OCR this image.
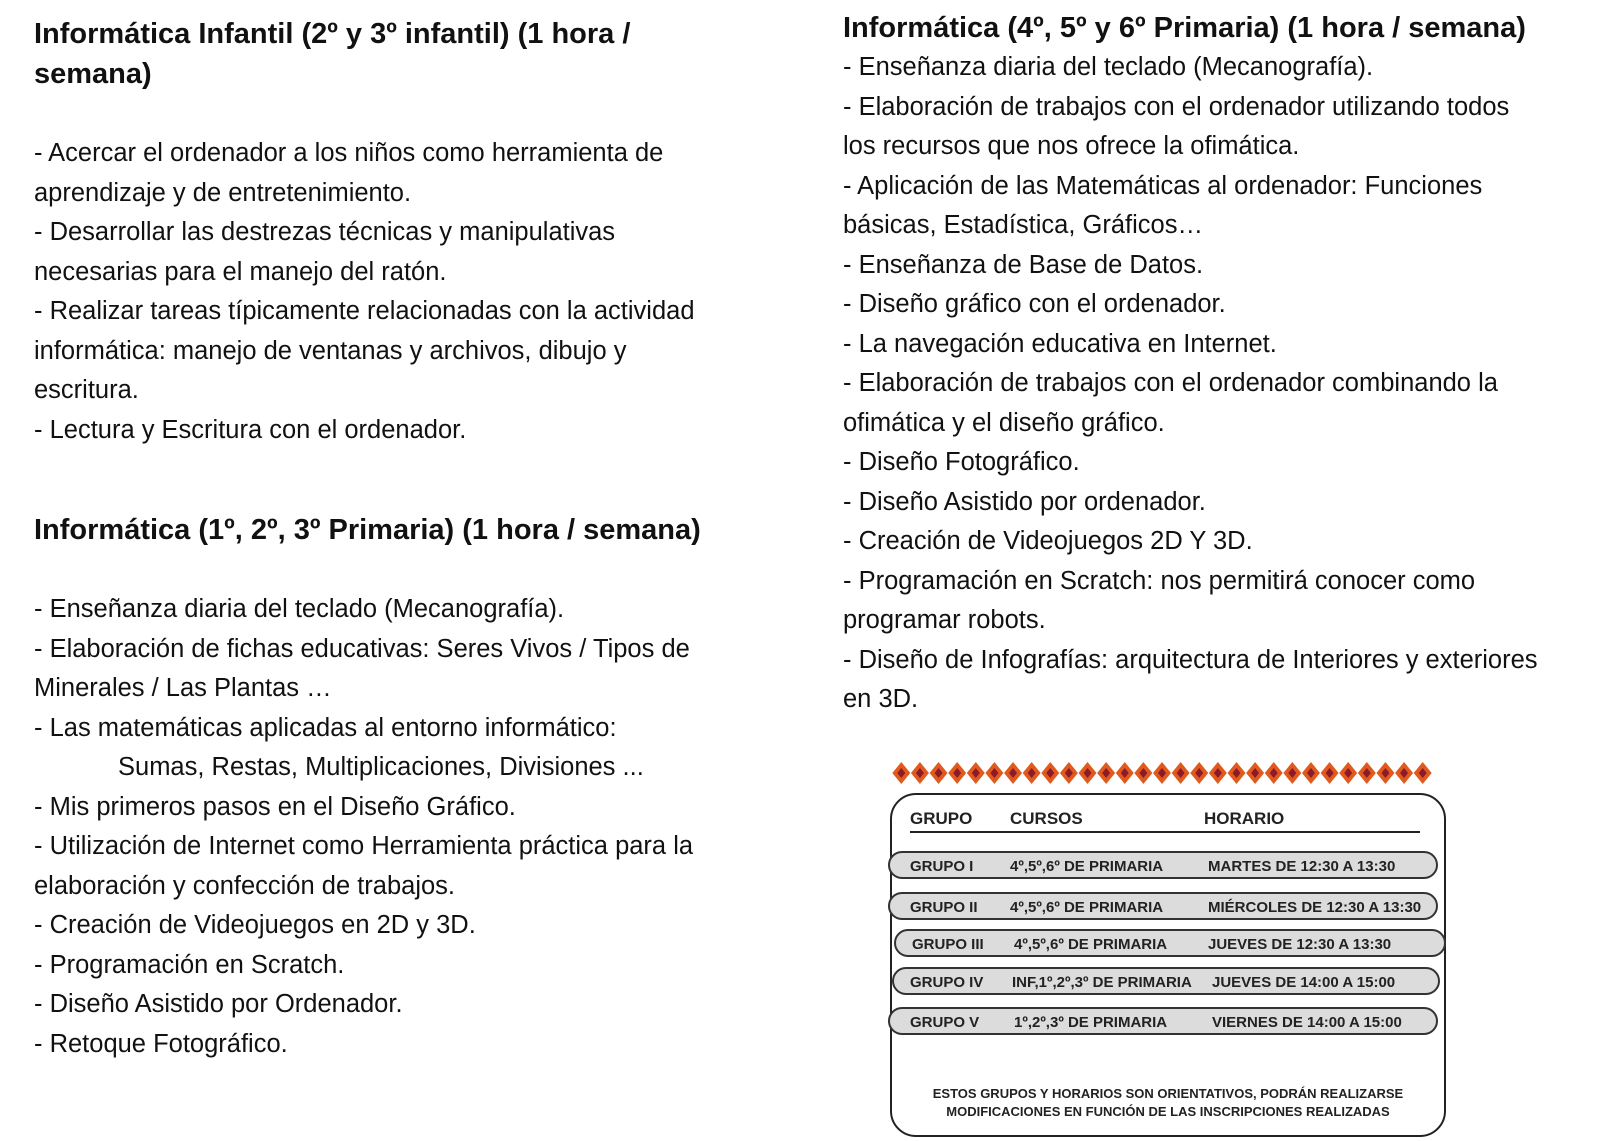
Informática Infantil (2º y 3º infantil) (1 hora /
semana)
- Acercar el ordenador a los niños como herramienta de
aprendizaje y de entretenimiento.
- Desarrollar las destrezas técnicas y manipulativas
necesarias para el manejo del ratón.
- Realizar tareas típicamente relacionadas con la actividad
informática: manejo de ventanas y archivos, dibujo y
escritura.
- Lectura y Escritura con el ordenador.
Informática (1º, 2º, 3º Primaria) (1 hora / semana)
- Enseñanza diaria del teclado (Mecanografía).
- Elaboración de fichas educativas: Seres Vivos / Tipos de
Minerales / Las Plantas …
- Las matemáticas aplicadas al entorno informático:
Sumas, Restas, Multiplicaciones, Divisiones ...
- Mis primeros pasos en el Diseño Gráfico.
- Utilización de Internet como Herramienta práctica para la
elaboración y confección de trabajos.
- Creación de Videojuegos en 2D y 3D.
- Programación en Scratch.
- Diseño Asistido por Ordenador.
- Retoque Fotográfico.
Informática (4º, 5º y 6º Primaria) (1 hora / semana)
- Enseñanza diaria del teclado (Mecanografía).
- Elaboración de trabajos con el ordenador utilizando todos
los recursos que nos ofrece la ofimática.
- Aplicación de las Matemáticas al ordenador: Funciones
básicas, Estadística, Gráficos…
- Enseñanza de Base de Datos.
- Diseño gráfico con el ordenador.
- La navegación educativa en Internet.
- Elaboración de trabajos con el ordenador combinando la
ofimática y el diseño gráfico.
- Diseño Fotográfico.
- Diseño Asistido por ordenador.
- Creación de Videojuegos 2D Y 3D.
- Programación en Scratch: nos permitirá conocer como
programar robots.
- Diseño de Infografías: arquitectura de Interiores y exteriores
en 3D.
GRUPO CURSOS	HORARIO
GRUPO I 4º,5º,6º DE PRIMARIA	MARTES DE 12:30 A 13:30
GRUPO II 4º,5º,6º DE PRIMARIA	MIÉRCOLES DE 12:30 A 13:30
GRUPO III 4º,5º,6º DE PRIMARIA	JUEVES DE 12:30 A 13:30
GRUPO IV INF,1º,2º,3º DE PRIMARIA JUEVES DE 14:00 A 15:00
GRUPO V 1º,2º,3º DE PRIMARIA	VIERNES DE 14:00 A 15:00
ESTOS GRUPOS Y HORARIOS SON ORIENTATIVOS, PODRÁN REALIZARSE
MODIFICACIONES EN FUNCIÓN DE LAS INSCRIPCIONES REALIZADAS
